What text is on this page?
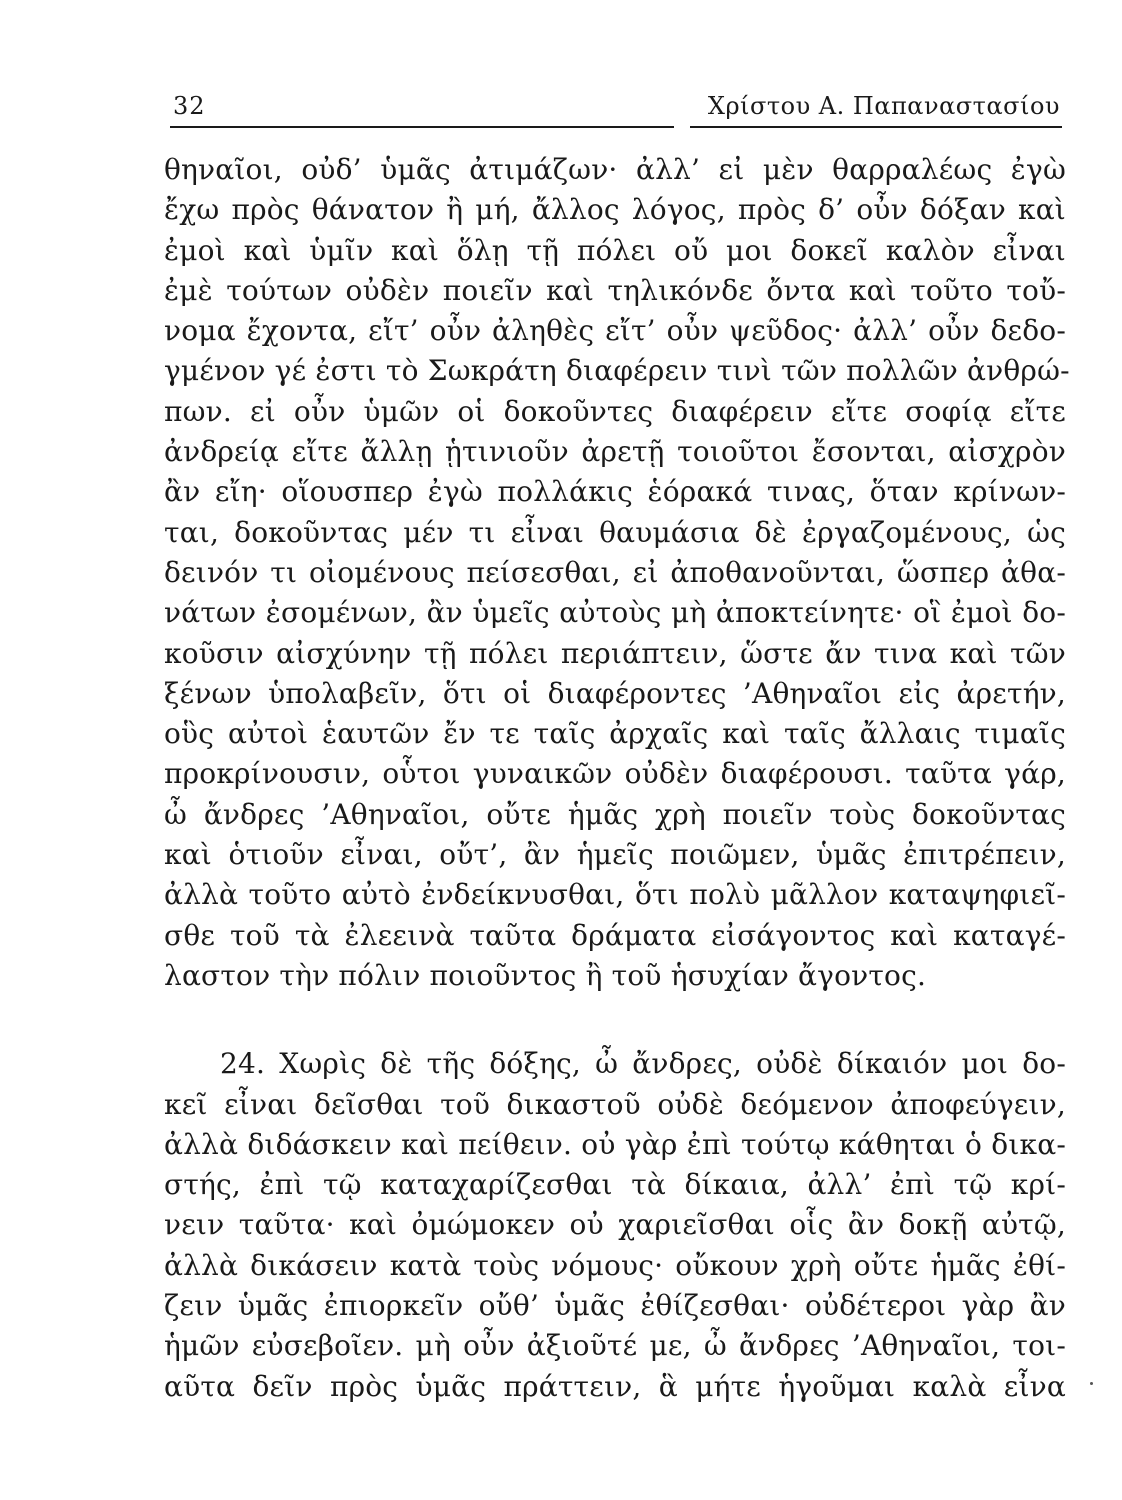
32	Χρίστου Α. Παπαναστασίου
θηναῖοι, οὐδ’ ὑμᾶς ἀτιμάζων· ἀλλ’ εἰ μὲν θαρραλέως ἐγὼ
ἔχω πρὸς θάνατον ἢ μή, ἄλλος λόγος, πρὸς δ’ οὖν δόξαν καὶ
ἐμοὶ καὶ ὑμῖν καὶ ὅλῃ τῇ πόλει οὔ μοι δοκεῖ καλὸν εἶναι
ἐμὲ τούτων οὐδὲν ποιεῖν καὶ τηλικόνδε ὄντα καὶ τοῦτο τοὔ-
νομα ἔχοντα, εἴτ’ οὖν ἀληθὲς εἴτ’ οὖν ψεῦδος· ἀλλ’ οὖν δεδο-
γμένον γέ ἐστι τὸ Σωκράτη διαφέρειν τινὶ τῶν πολλῶν ἀνθρώ-
πων. εἰ οὖν ὑμῶν οἱ δοκοῦντες διαφέρειν εἴτε σοφίᾳ εἴτε
ἀνδρείᾳ εἴτε ἄλλῃ ᾑτινιοῦν ἀρετῇ τοιοῦτοι ἔσονται, αἰσχρὸν
ἂν εἴη· οἵουσπερ ἐγὼ πολλάκις ἑόρακά τινας, ὅταν κρίνων-
ται, δοκοῦντας μέν τι εἶναι θαυμάσια δὲ ἐργαζομένους, ὡς
δεινόν τι οἰομένους πείσεσθαι, εἰ ἀποθανοῦνται, ὥσπερ ἀθα-
νάτων ἐσομένων, ἂν ὑμεῖς αὐτοὺς μὴ ἀποκτείνητε· οἳ ἐμοὶ δο-
κοῦσιν αἰσχύνην τῇ πόλει περιάπτειν, ὥστε ἄν τινα καὶ τῶν
ξένων ὑπολαβεῖν, ὅτι οἱ διαφέροντες ’Αθηναῖοι εἰς ἀρετήν,
οὓς αὐτοὶ ἑαυτῶν ἔν τε ταῖς ἀρχαῖς καὶ ταῖς ἄλλαις τιμαῖς
προκρίνουσιν, οὗτοι γυναικῶν οὐδὲν διαφέρουσι. ταῦτα γάρ,
ὦ ἄνδρες ’Αθηναῖοι, οὔτε ἡμᾶς χρὴ ποιεῖν τοὺς δοκοῦντας
καὶ ὁτιοῦν εἶναι, οὔτ’, ἂν ἡμεῖς ποιῶμεν, ὑμᾶς ἐπιτρέπειν,
ἀλλὰ τοῦτο αὐτὸ ἐνδείκνυσθαι, ὅτι πολὺ μᾶλλον καταψηφιεῖ-
σθε τοῦ τὰ ἐλεεινὰ ταῦτα δράματα εἰσάγοντος καὶ καταγέ-
λαστον τὴν πόλιν ποιοῦντος ἢ τοῦ ἡσυχίαν ἄγοντος.
24. Χωρὶς δὲ τῆς δόξης, ὦ ἄνδρες, οὐδὲ δίκαιόν μοι δο-
κεῖ εἶναι δεῖσθαι τοῦ δικαστοῦ οὐδὲ δεόμενον ἀποφεύγειν,
ἀλλὰ διδάσκειν καὶ πείθειν. οὐ γὰρ ἐπὶ τούτῳ κάθηται ὁ δικα-
στής, ἐπὶ τῷ καταχαρίζεσθαι τὰ δίκαια, ἀλλ’ ἐπὶ τῷ κρί-
νειν ταῦτα· καὶ ὀμώμοκεν οὐ χαριεῖσθαι οἷς ἂν δοκῇ αὐτῷ,
ἀλλὰ δικάσειν κατὰ τοὺς νόμους· οὔκουν χρὴ οὔτε ἡμᾶς ἐθί-
ζειν ὑμᾶς ἐπιορκεῖν οὔθ’ ὑμᾶς ἐθίζεσθαι· οὐδέτεροι γὰρ ἂν
ἡμῶν εὐσεβοῖεν. μὴ οὖν ἀξιοῦτέ με, ὦ ἄνδρες ’Αθηναῖοι, τοι-
αῦτα δεῖν πρὸς ὑμᾶς πράττειν, ἃ μήτε ἡγοῦμαι καλὰ εἶνα
